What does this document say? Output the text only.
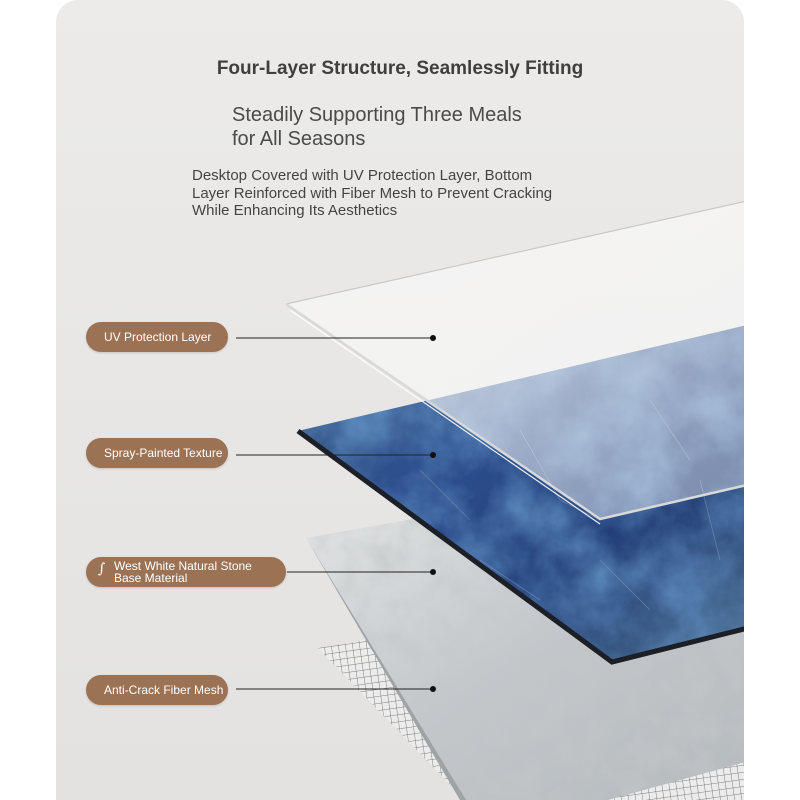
Four-Layer Structure, Seamlessly Fitting
Steadily Supporting Three Meals
for All Seasons
Desktop Covered with UV Protection Layer, Bottom
Layer Reinforced with Fiber Mesh to Prevent Cracking
While Enhancing Its Aesthetics
UV Protection Layer
Spray-Painted Texture
∫ West White Natural Stone
Base Material
Anti-Crack Fiber Mesh
